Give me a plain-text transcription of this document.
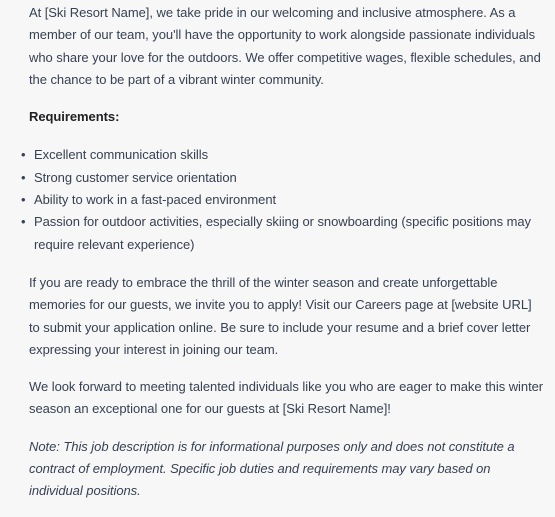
At [Ski Resort Name], we take pride in our welcoming and inclusive atmosphere. As a member of our team, you'll have the opportunity to work alongside passionate individuals who share your love for the outdoors. We offer competitive wages, flexible schedules, and the chance to be part of a vibrant winter community.

Requirements:

• Excellent communication skills
• Strong customer service orientation
• Ability to work in a fast-paced environment
• Passion for outdoor activities, especially skiing or snowboarding (specific positions may require relevant experience)

If you are ready to embrace the thrill of the winter season and create unforgettable memories for our guests, we invite you to apply! Visit our Careers page at [website URL] to submit your application online. Be sure to include your resume and a brief cover letter expressing your interest in joining our team.

We look forward to meeting talented individuals like you who are eager to make this winter season an exceptional one for our guests at [Ski Resort Name]!

Note: This job description is for informational purposes only and does not constitute a contract of employment. Specific job duties and requirements may vary based on individual positions.
